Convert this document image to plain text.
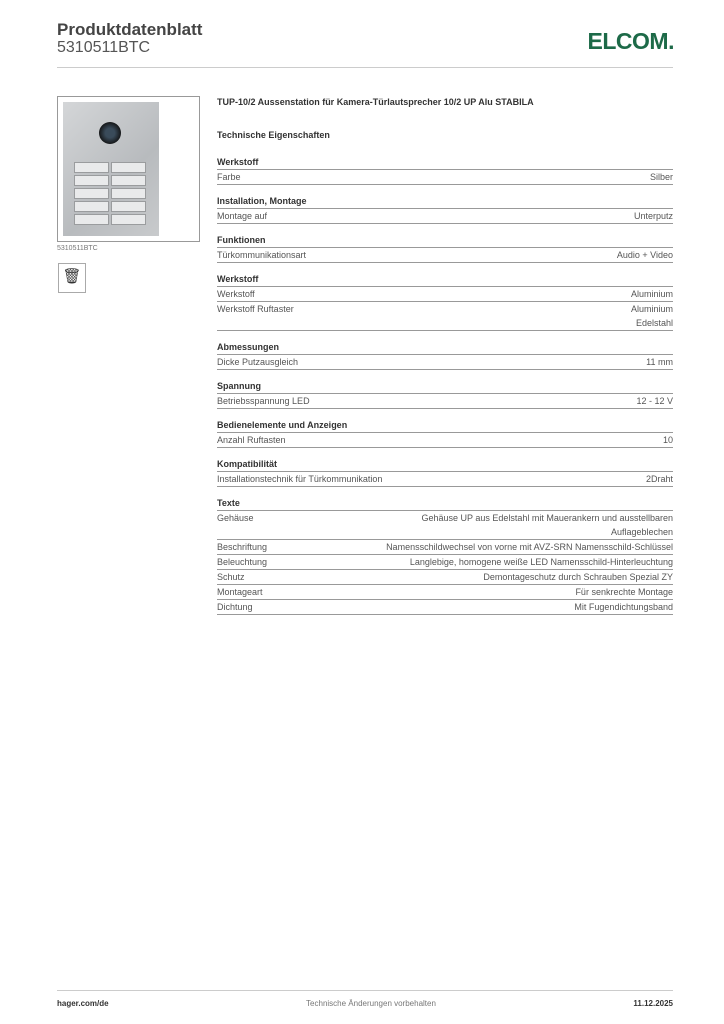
Produktdatenblatt
5310511BTC	ELCOM.
5310511BTC
🗑
TUP-10/2 Aussenstation für Kamera-Türlautsprecher 10/2 UP Alu STABILA
Technische Eigenschaften
Werkstoff
Farbe	Silber
Installation, Montage
Montage auf	Unterputz
Funktionen
Türkommunikationsart	Audio + Video
Werkstoff
Werkstoff	Aluminium
Werkstoff Ruftaster	Aluminium
Edelstahl
Abmessungen
Dicke Putzausgleich	11 mm
Spannung
Betriebsspannung LED	12 - 12 V
Bedienelemente und Anzeigen
Anzahl Ruftasten	10
Kompatibilität
Installationstechnik für Türkommunikation	2Draht
Texte
Gehäuse	Gehäuse UP aus Edelstahl mit Mauerankern und ausstellbaren Auflageblechen
Beschriftung	Namensschildwechsel von vorne mit AVZ-SRN Namensschild-Schlüssel
Beleuchtung	Langlebige, homogene weiße LED Namensschild-Hinterleuchtung
Schutz	Demontageschutz durch Schrauben Spezial ZY
Montageart	Für senkrechte Montage
Dichtung	Mit Fugendichtungsband
hager.com/de	Technische Änderungen vorbehalten	11.12.2025
